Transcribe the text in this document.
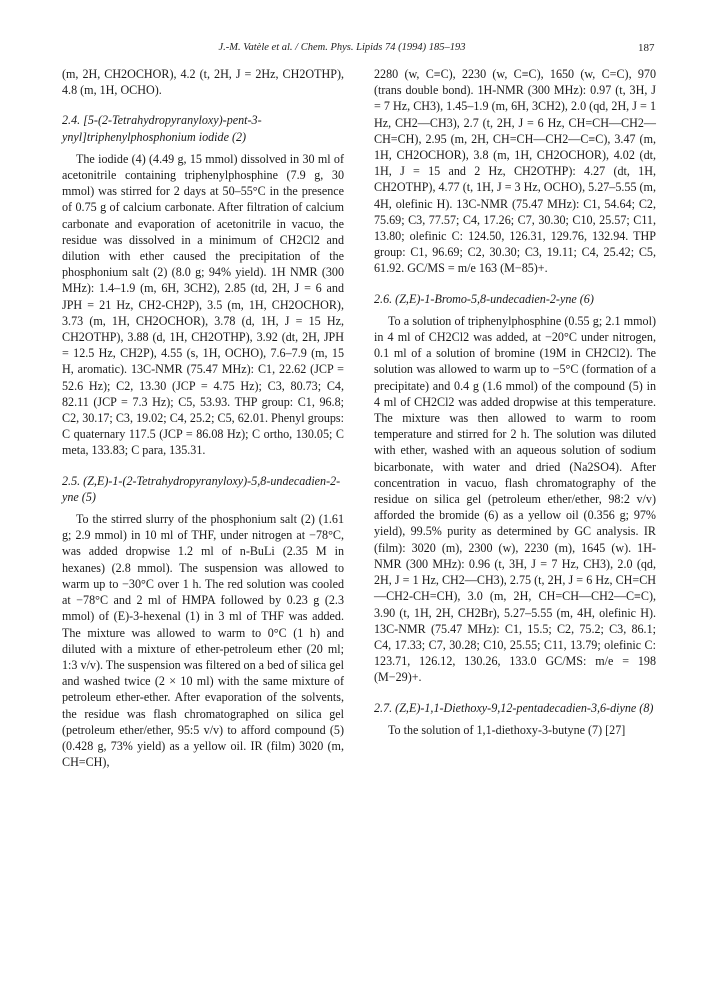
J.-M. Vatèle et al. / Chem. Phys. Lipids 74 (1994) 185–193	187

(m, 2H, CH2OCHOR), 4.2 (t, 2H, J = 2Hz, CH2OTHP), 4.8 (m, 1H, OCHO).

2.4. [5-(2-Tetrahydropyranyloxy)-pent-3-ynyl]triphenylphosphonium iodide (2)

The iodide (4) (4.49 g, 15 mmol) dissolved in 30 ml of acetonitrile containing triphenylphosphine (7.9 g, 30 mmol) was stirred for 2 days at 50–55°C in the presence of 0.75 g of calcium carbonate. After filtration of calcium carbonate and evaporation of acetonitrile in vacuo, the residue was dissolved in a minimum of CH2Cl2 and dilution with ether caused the precipitation of the phosphonium salt (2) (8.0 g; 94% yield). 1H NMR (300 MHz): 1.4–1.9 (m, 6H, 3CH2), 2.85 (td, 2H, J = 6 and JPH = 21 Hz, CH2-CH2P), 3.5 (m, 1H, CH2OCHOR), 3.73 (m, 1H, CH2OCHOR), 3.78 (d, 1H, J = 15 Hz, CH2OTHP), 3.88 (d, 1H, CH2OTHP), 3.92 (dt, 2H, JPH = 12.5 Hz, CH2P), 4.55 (s, 1H, OCHO), 7.6–7.9 (m, 15 H, aromatic). 13C-NMR (75.47 MHz): C1, 22.62 (JCP = 52.6 Hz); C2, 13.30 (JCP = 4.75 Hz); C3, 80.73; C4, 82.11 (JCP = 7.3 Hz); C5, 53.93. THP group: C1, 96.8; C2, 30.17; C3, 19.02; C4, 25.2; C5, 62.01. Phenyl groups: C quaternary 117.5 (JCP = 86.08 Hz); C ortho, 130.05; C meta, 133.83; C para, 135.31.

2.5. (Z,E)-1-(2-Tetrahydropyranyloxy)-5,8-undecadien-2-yne (5)

To the stirred slurry of the phosphonium salt (2) (1.61 g; 2.9 mmol) in 10 ml of THF, under nitrogen at −78°C, was added dropwise 1.2 ml of n-BuLi (2.35 M in hexanes) (2.8 mmol). The suspension was allowed to warm up to −30°C over 1 h. The red solution was cooled at −78°C and 2 ml of HMPA followed by 0.23 g (2.3 mmol) of (E)-3-hexenal (1) in 3 ml of THF was added. The mixture was allowed to warm to 0°C (1 h) and diluted with a mixture of ether-petroleum ether (20 ml; 1:3 v/v). The suspension was filtered on a bed of silica gel and washed twice (2 × 10 ml) with the same mixture of petroleum ether-ether. After evaporation of the solvents, the residue was flash chromatographed on silica gel (petroleum ether/ether, 95:5 v/v) to afford compound (5) (0.428 g, 73% yield) as a yellow oil. IR (film) 3020 (m, CH=CH),

2280 (w, C≡C), 2230 (w, C≡C), 1650 (w, C=C), 970 (trans double bond). 1H-NMR (300 MHz): 0.97 (t, 3H, J = 7 Hz, CH3), 1.45–1.9 (m, 6H, 3CH2), 2.0 (qd, 2H, J = 1 Hz, CH2—CH3), 2.7 (t, 2H, J = 6 Hz, CH=CH—CH2—CH=CH), 2.95 (m, 2H, CH=CH—CH2—C≡C), 3.47 (m, 1H, CH2OCHOR), 3.8 (m, 1H, CH2OCHOR), 4.02 (dt, 1H, J = 15 and 2 Hz, CH2OTHP): 4.27 (dt, 1H, CH2OTHP), 4.77 (t, 1H, J = 3 Hz, OCHO), 5.27–5.55 (m, 4H, olefinic H). 13C-NMR (75.47 MHz): C1, 54.64; C2, 75.69; C3, 77.57; C4, 17.26; C7, 30.30; C10, 25.57; C11, 13.80; olefinic C: 124.50, 126.31, 129.76, 132.94. THP group: C1, 96.69; C2, 30.30; C3, 19.11; C4, 25.42; C5, 61.92. GC/MS = m/e 163 (M−85)+.

2.6. (Z,E)-1-Bromo-5,8-undecadien-2-yne (6)

To a solution of triphenylphosphine (0.55 g; 2.1 mmol) in 4 ml of CH2Cl2 was added, at −20°C under nitrogen, 0.1 ml of a solution of bromine (19M in CH2Cl2). The solution was allowed to warm up to −5°C (formation of a precipitate) and 0.4 g (1.6 mmol) of the compound (5) in 4 ml of CH2Cl2 was added dropwise at this temperature. The mixture was then allowed to warm to room temperature and stirred for 2 h. The solution was diluted with ether, washed with an aqueous solution of sodium bicarbonate, with water and dried (Na2SO4). After concentration in vacuo, flash chromatography of the residue on silica gel (petroleum ether/ether, 98:2 v/v) afforded the bromide (6) as a yellow oil (0.356 g; 97% yield), 99.5% purity as determined by GC analysis. IR (film): 3020 (m), 2300 (w), 2230 (m), 1645 (w). 1H-NMR (300 MHz): 0.96 (t, 3H, J = 7 Hz, CH3), 2.0 (qd, 2H, J = 1 Hz, CH2—CH3), 2.75 (t, 2H, J = 6 Hz, CH=CH—CH2-CH=CH), 3.0 (m, 2H, CH=CH—CH2—C≡C), 3.90 (t, 1H, 2H, CH2Br), 5.27–5.55 (m, 4H, olefinic H). 13C-NMR (75.47 MHz): C1, 15.5; C2, 75.2; C3, 86.1; C4, 17.33; C7, 30.28; C10, 25.55; C11, 13.79; olefinic C: 123.71, 126.12, 130.26, 133.0 GC/MS: m/e = 198 (M−29)+.

2.7. (Z,E)-1,1-Diethoxy-9,12-pentadecadien-3,6-diyne (8)

To the solution of 1,1-diethoxy-3-butyne (7) [27]
